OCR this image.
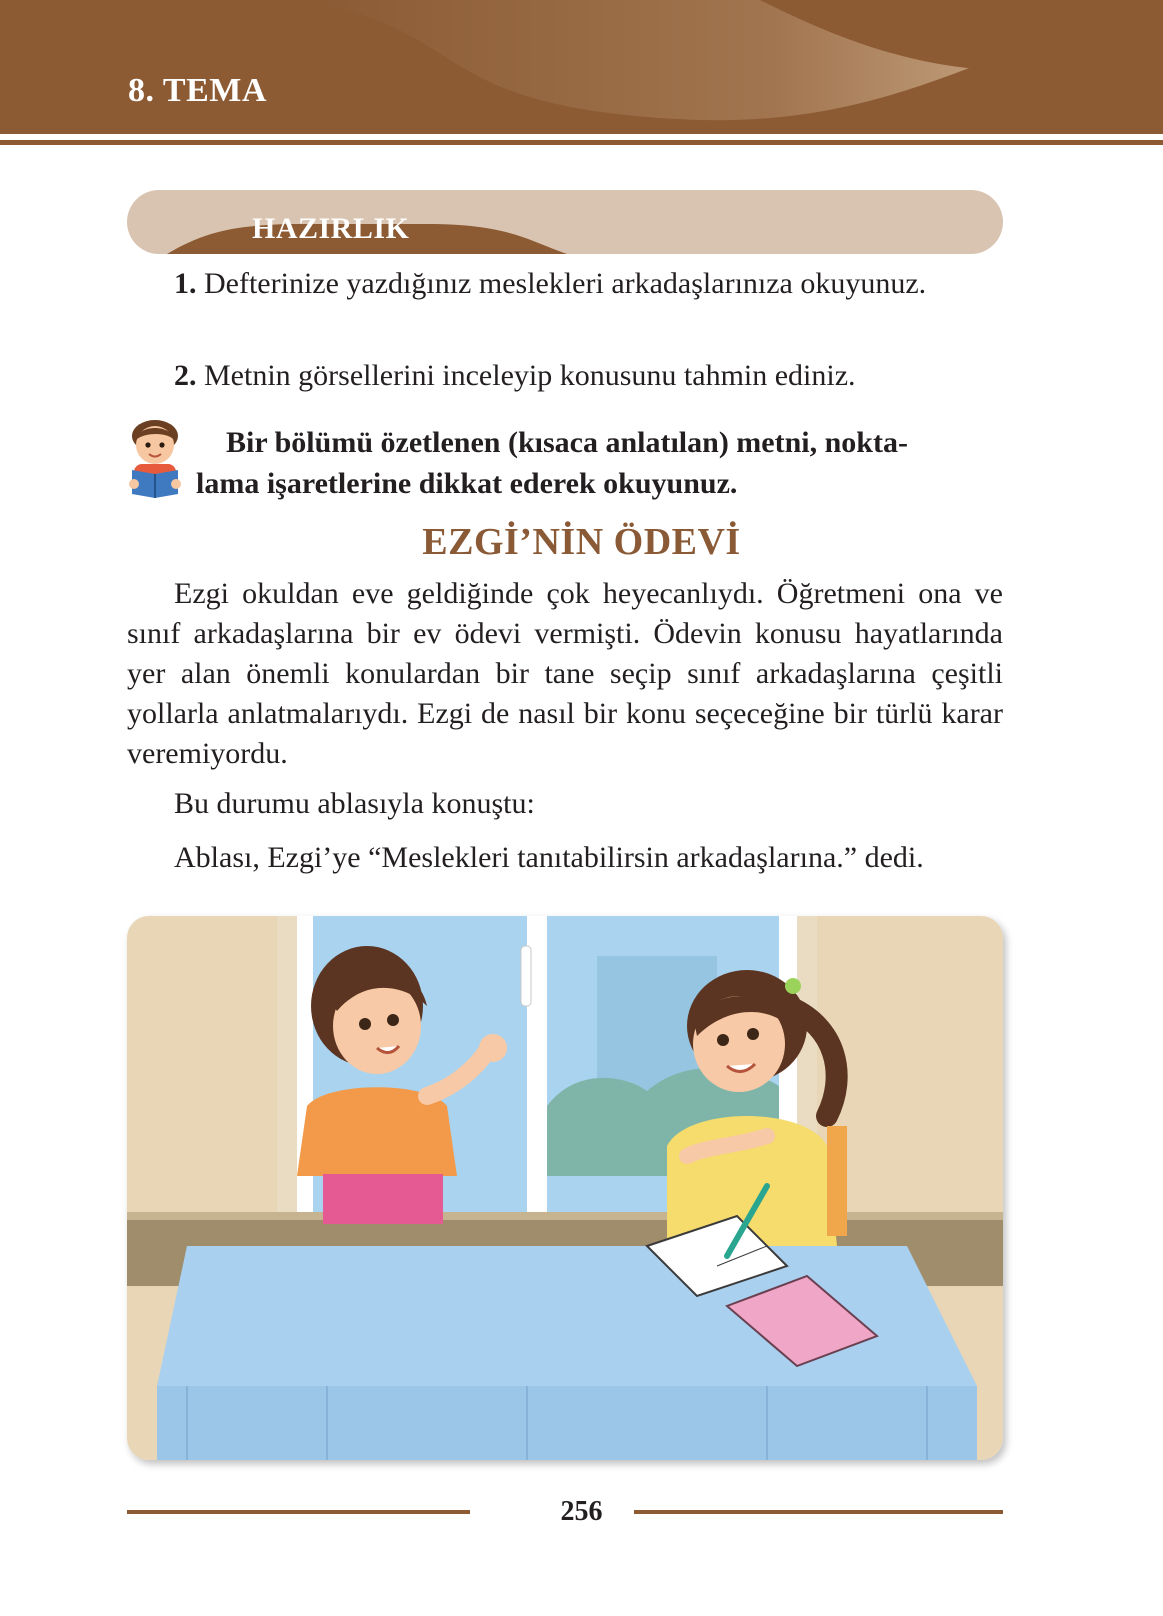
8. TEMA
HAZIRLIK

1. Defterinize yazdığınız meslekleri arkadaşlarınıza okuyunuz.

2. Metnin görsellerini inceleyip konusunu tahmin ediniz.

Bir bölümü özetlenen (kısaca anlatılan) metni, nokta-
lama işaretlerine dikkat ederek okuyunuz.

EZGİ’NİN ÖDEVİ

Ezgi okuldan eve geldiğinde çok heyecanlıydı. Öğretmeni ona ve sınıf arkadaşlarına bir ev ödevi vermişti. Ödevin konusu hayatlarında yer alan önemli konulardan bir tane seçip sınıf arkadaşlarına çeşitli yollarla anlatmalarıydı. Ezgi de nasıl bir konu seçeceğine bir türlü karar veremiyordu.

Bu durumu ablasıyla konuştu:

Ablası, Ezgi’ye “Meslekleri tanıtabilirsin arkadaşlarına.” dedi.

256
